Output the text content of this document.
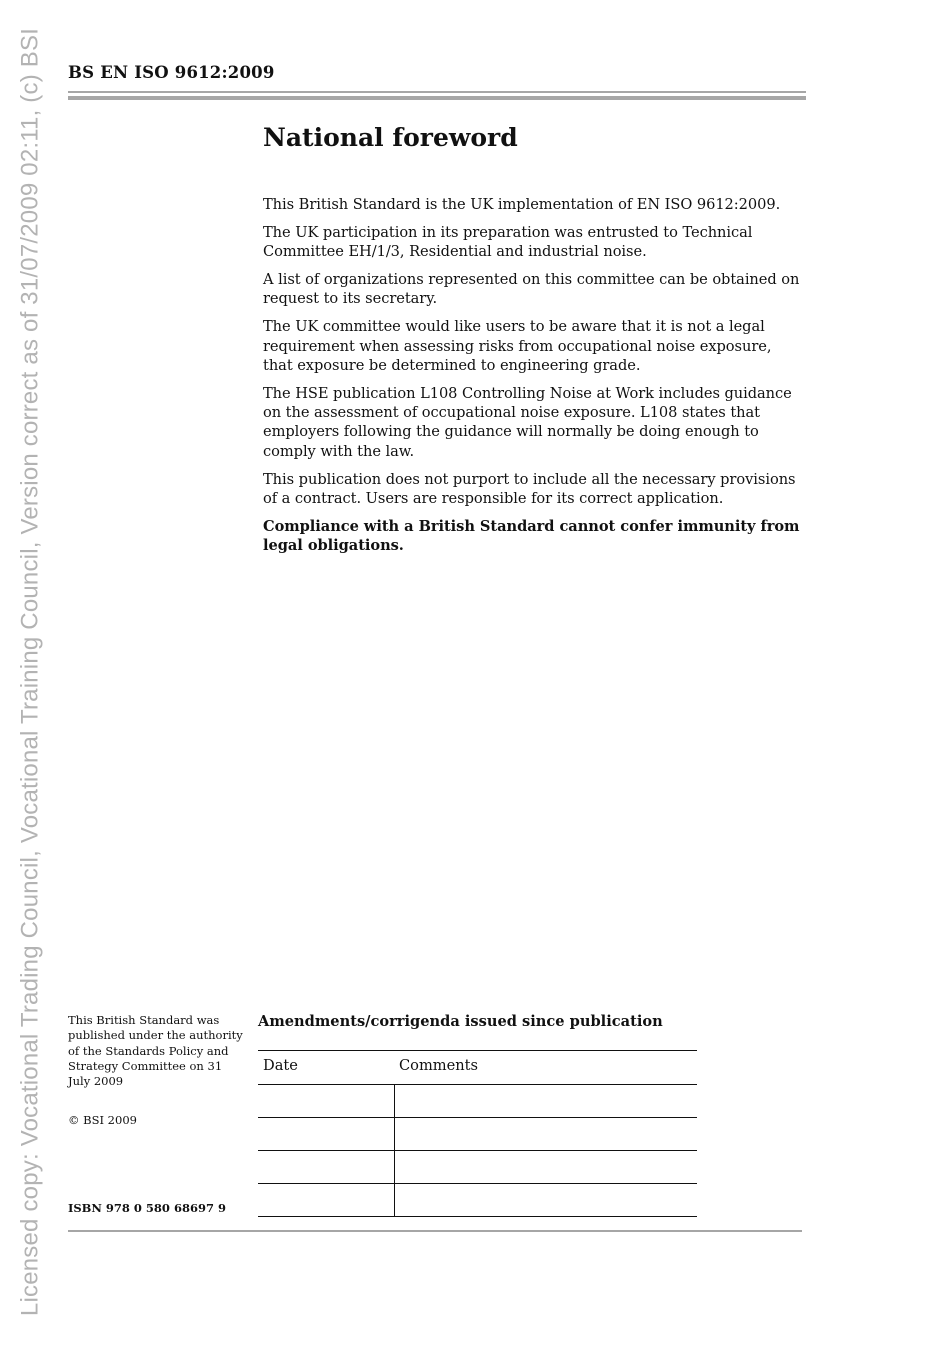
Licensed copy: Vocational Trading Council, Vocational Training Council, Version correct as of 31/07/2009 02:11, (c) BSI BS EN ISO 9612:2009
National foreword

This British Standard is the UK implementation of EN ISO 9612:2009.

The UK participation in its preparation was entrusted to Technical Committee EH/1/3, Residential and industrial noise.

A list of organizations represented on this committee can be obtained on request to its secretary.

The UK committee would like users to be aware that it is not a legal requirement when assessing risks from occupational noise exposure, that exposure be determined to engineering grade.

The HSE publication L108 Controlling Noise at Work includes guidance on the assessment of occupational noise exposure. L108 states that employers following the guidance will normally be doing enough to comply with the law.

This publication does not purport to include all the necessary provisions of a contract. Users are responsible for its correct application.

Compliance with a British Standard cannot confer immunity from legal obligations.

This British Standard was published under the authority of the Standards Policy and Strategy Committee on 31 July 2009

© BSI 2009
ISBN 978 0 580 68697 9
Amendments/corrigenda issued since publication
Date	Comments
